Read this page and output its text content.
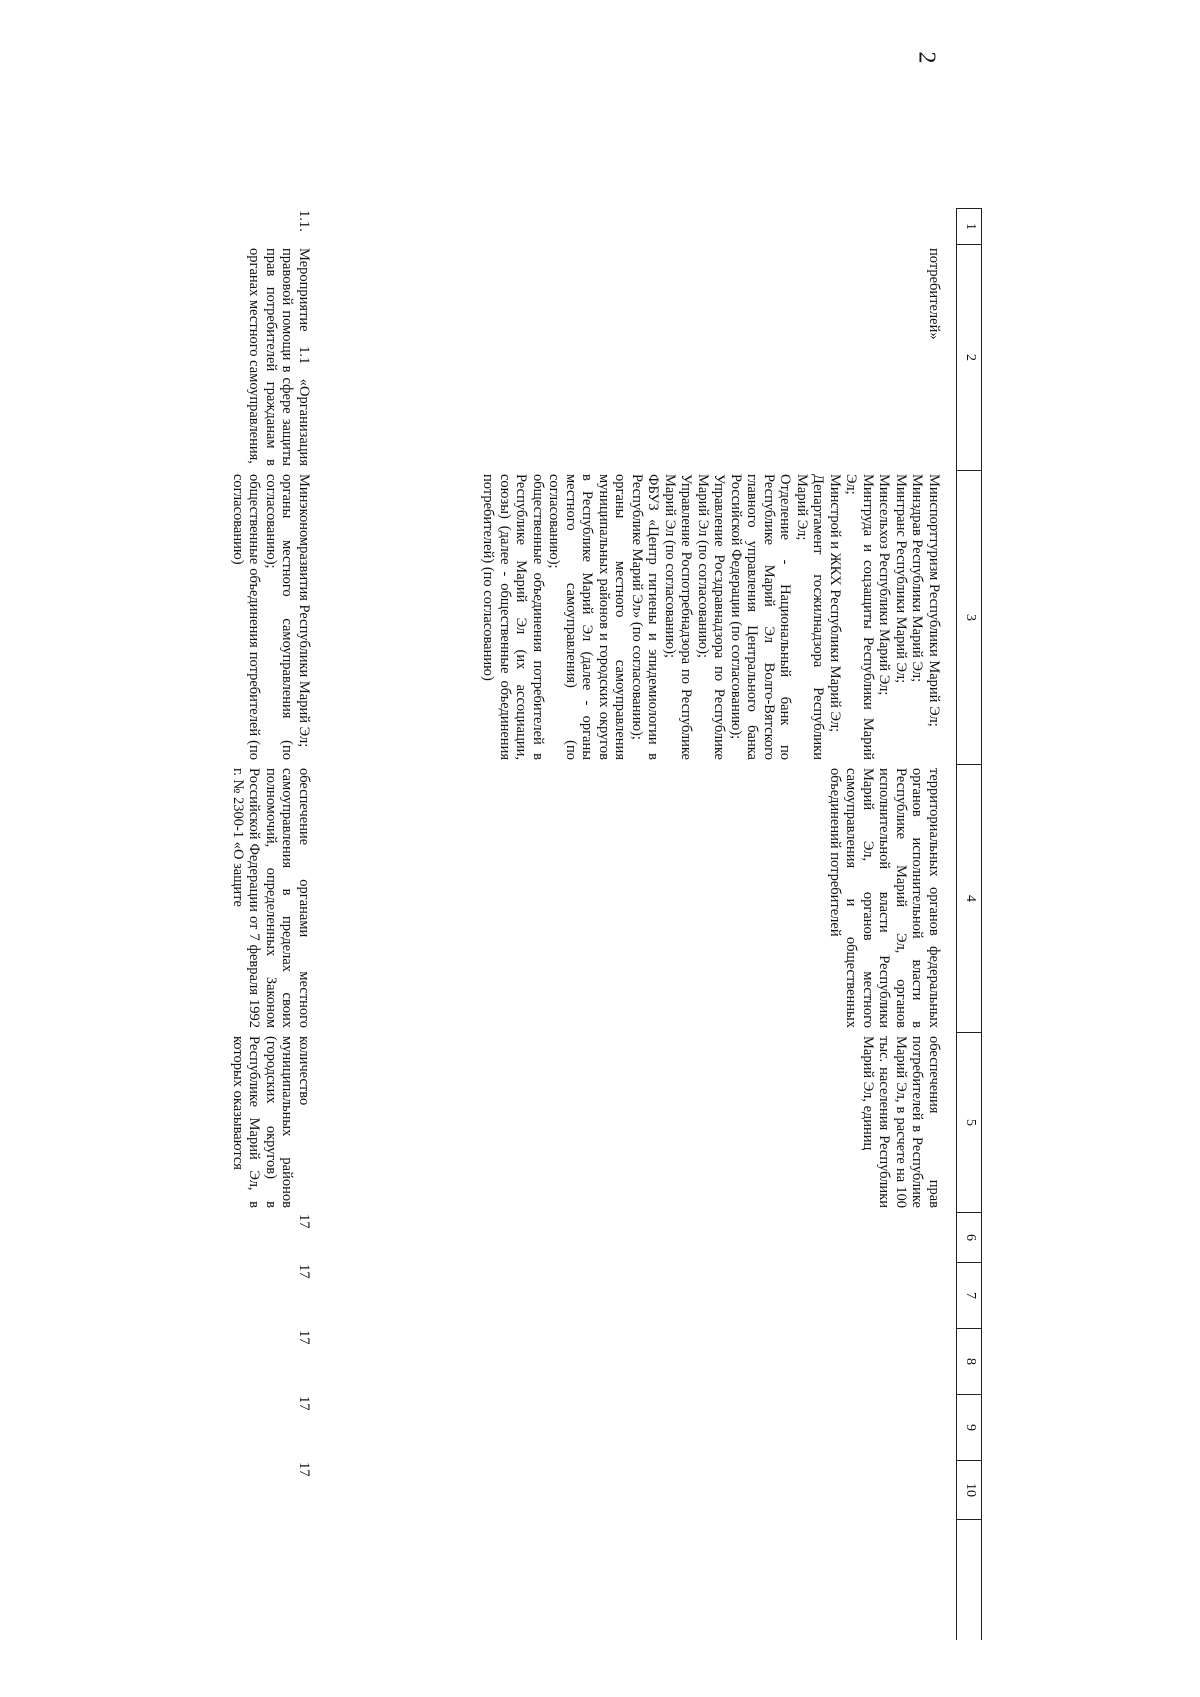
2
1
2
3
4
5
6
7
8
9
10
потребителей»
Минспорттуризм Республики Марий Эл;
Минздрав Республики Марий Эл;
Минтранс Республики Марий Эл;
Минсельхоз Республики Марий Эл;
Минтруда и соцзащиты Республики Марий Эл;
Минстрой и ЖКХ Республики Марий Эл;
Департамент госжилнадзора Республики Марий Эл;
Отделение - Национальный банк по Республике Марий Эл Волго-Вятского главного управления Центрального банка Российской Федерации (по согласованию);
Управление Росздравнадзора по Республике Марий Эл (по согласованию);
Управление Роспотребнадзора по Республике Марий Эл (по согласованию);
ФБУЗ «Центр гигиены и эпидемиологии в Республике Марий Эл» (по согласованию);
органы местного самоуправления муниципальных районов и городских округов в Республике Марий Эл (далее - органы местного самоуправления) (по согласованию);
общественные объединения потребителей в Республике Марий Эл (их ассоциации, союзы) (далее - общественные объединения потребителей) (по согласованию)
территориальных органов федеральных органов исполнительной власти в Республике Марий Эл, органов исполнительной власти Республики Марий Эл, органов местного самоуправления и общественных объединений потребителей
обеспечения прав потребителей в Республике Марий Эл, в расчете на 100 тыс. населения Республики Марий Эл, единиц
1.1.
Мероприятие 1.1 «Организация правовой помощи в сфере защиты прав потребителей гражданам в органах местного самоуправления,
Минэкономразвития Республики Марий Эл;
органы местного самоуправления (по согласованию);
общественные объединения потребителей (по согласованию)
обеспечение органами местного самоуправления в пределах своих полномочий, определенных Законом Российской Федерации от 7 февраля 1992 г. № 2300-1 «О защите
количество муниципальных районов (городских округов) в Республике Марий Эл, в которых оказываются
17
17
17
17
17
